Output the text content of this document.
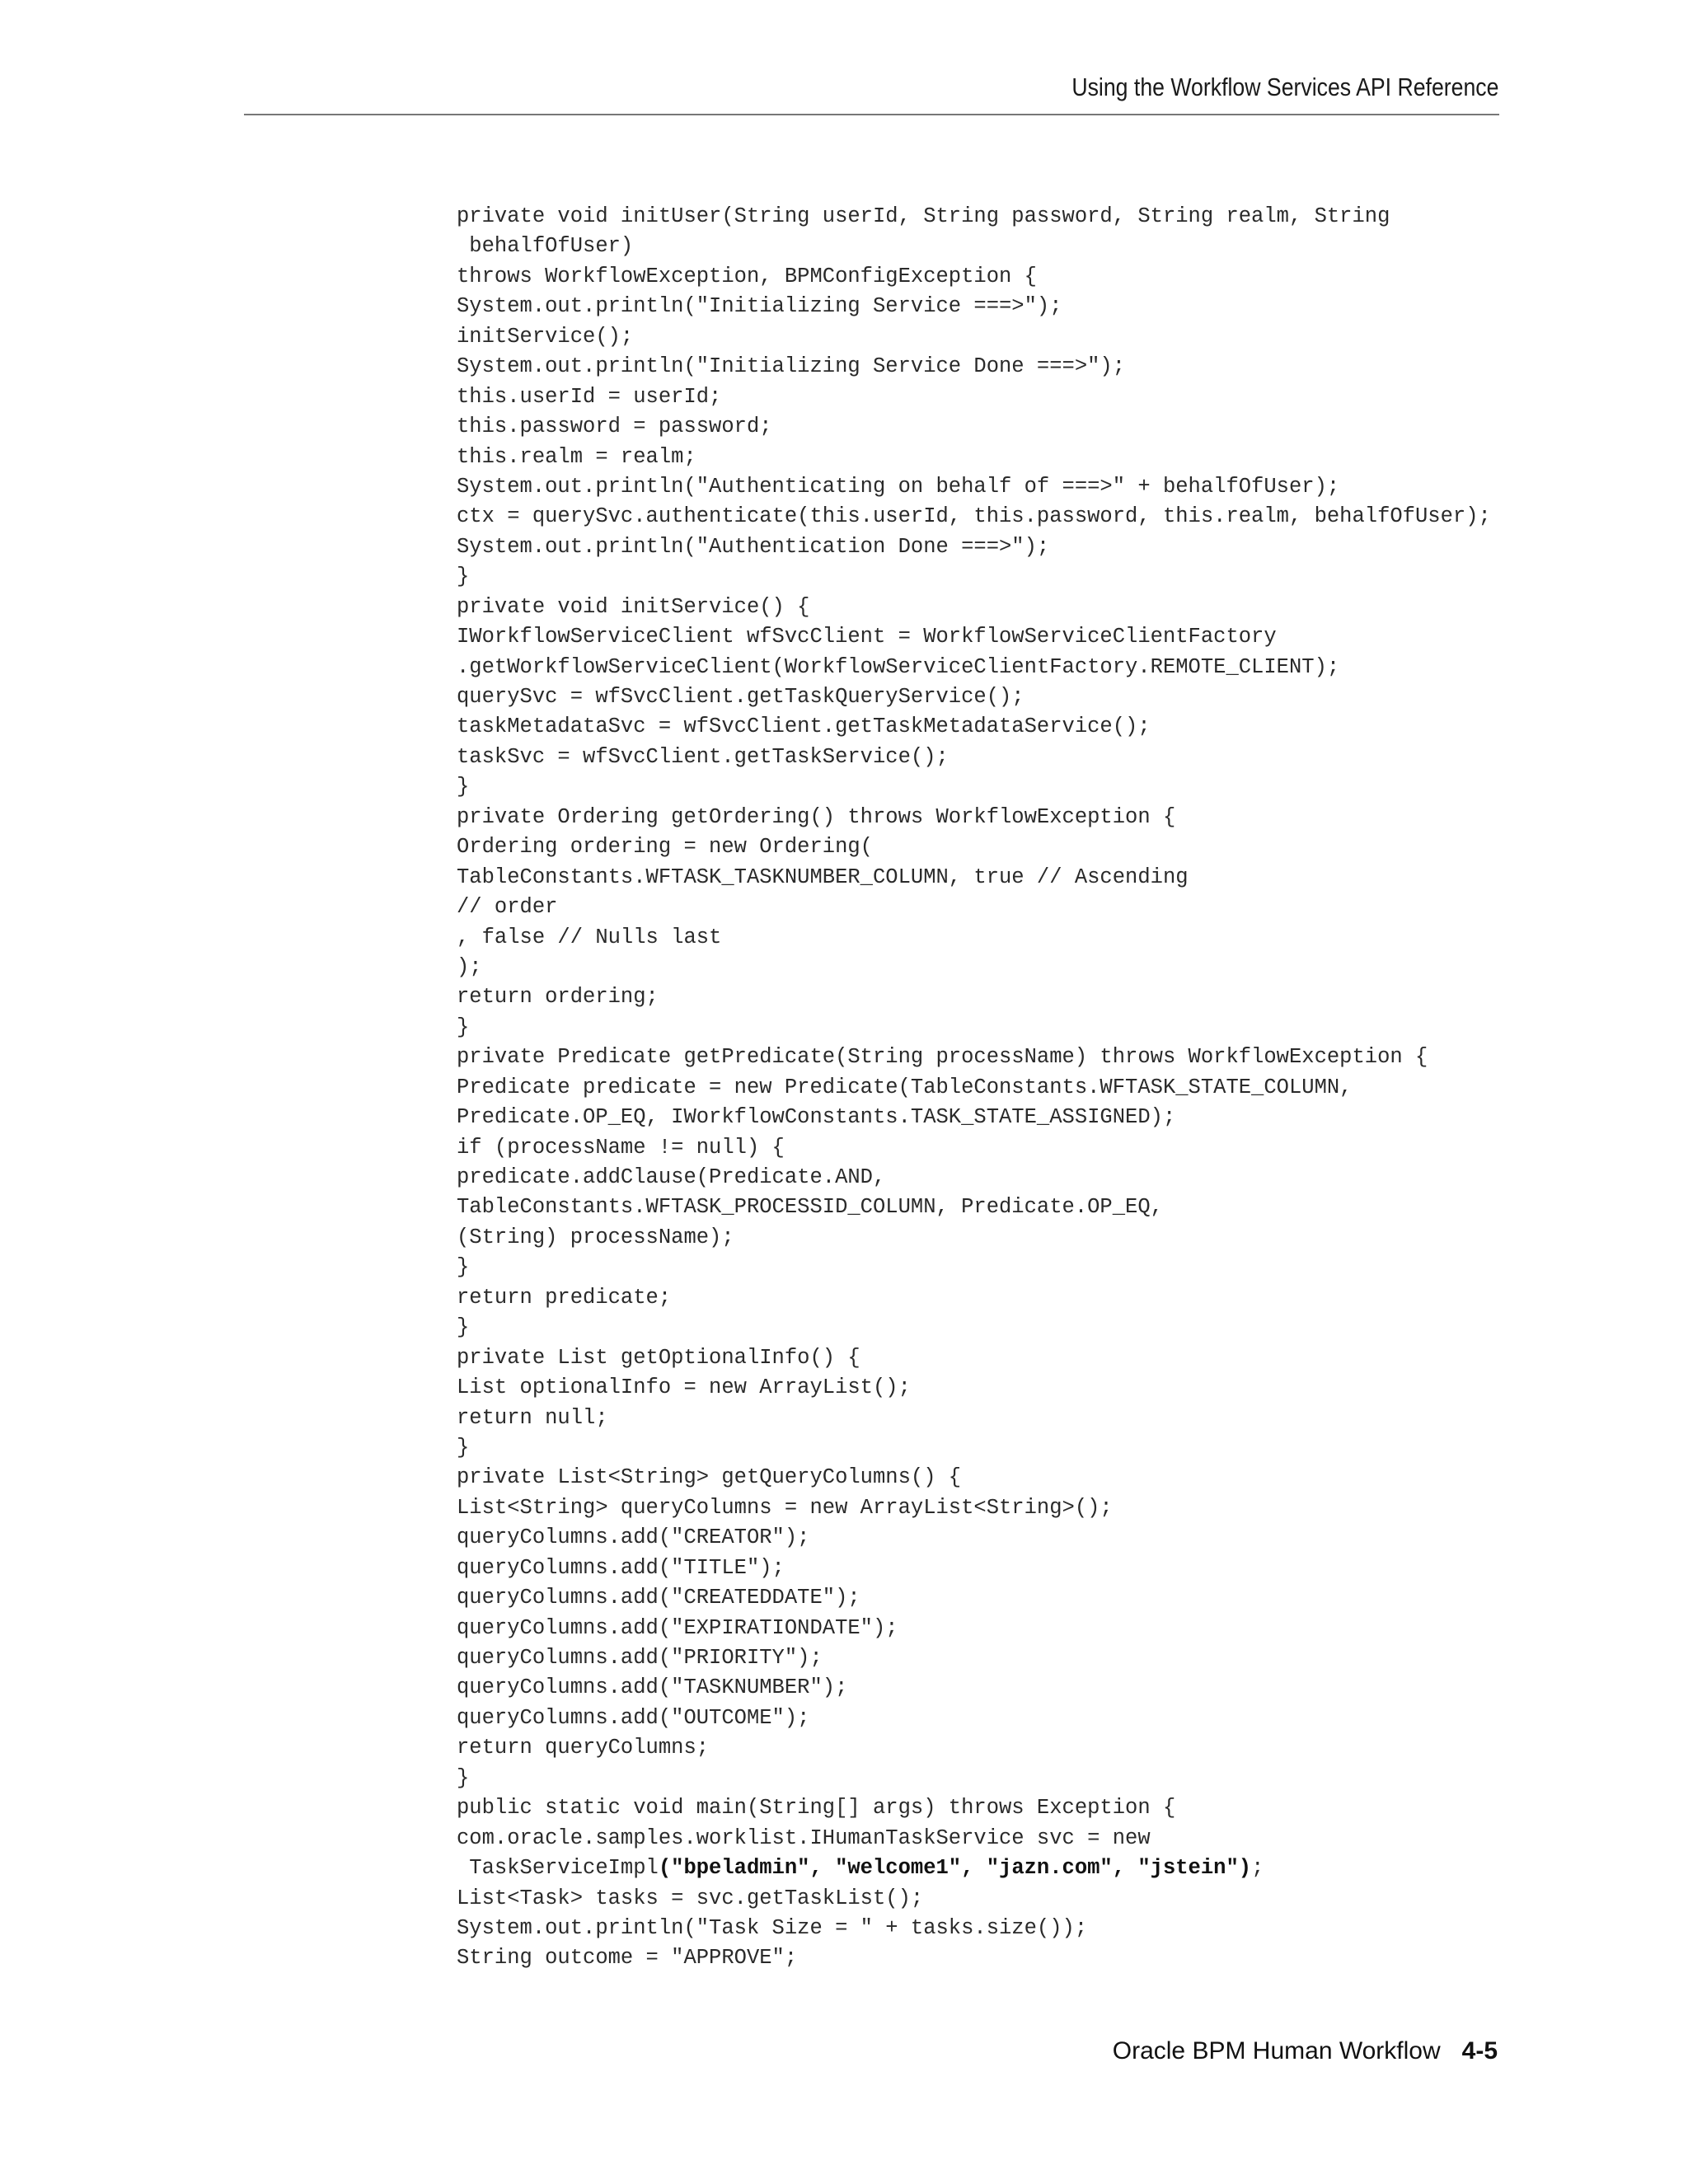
Using the Workflow Services API Reference
private void initUser(String userId, String password, String realm, String
behalfOfUser)
throws WorkflowException, BPMConfigException {
System.out.println("Initializing Service ===>");
initService();
System.out.println("Initializing Service Done ===>");
this.userId = userId;
this.password = password;
this.realm = realm;
System.out.println("Authenticating on behalf of ===>" + behalfOfUser);
ctx = querySvc.authenticate(this.userId, this.password, this.realm, behalfOfUser);
System.out.println("Authentication Done ===>");
}
private void initService() {
IWorkflowServiceClient wfSvcClient = WorkflowServiceClientFactory
.getWorkflowServiceClient(WorkflowServiceClientFactory.REMOTE_CLIENT);
querySvc = wfSvcClient.getTaskQueryService();
taskMetadataSvc = wfSvcClient.getTaskMetadataService();
taskSvc = wfSvcClient.getTaskService();
}
private Ordering getOrdering() throws WorkflowException {
Ordering ordering = new Ordering(
TableConstants.WFTASK_TASKNUMBER_COLUMN, true // Ascending
// order
, false // Nulls last
);
return ordering;
}
private Predicate getPredicate(String processName) throws WorkflowException {
Predicate predicate = new Predicate(TableConstants.WFTASK_STATE_COLUMN,
Predicate.OP_EQ, IWorkflowConstants.TASK_STATE_ASSIGNED);
if (processName != null) {
predicate.addClause(Predicate.AND,
TableConstants.WFTASK_PROCESSID_COLUMN, Predicate.OP_EQ,
(String) processName);
}
return predicate;
}
private List getOptionalInfo() {
List optionalInfo = new ArrayList();
return null;
}
private List<String> getQueryColumns() {
List<String> queryColumns = new ArrayList<String>();
queryColumns.add("CREATOR");
queryColumns.add("TITLE");
queryColumns.add("CREATEDDATE");
queryColumns.add("EXPIRATIONDATE");
queryColumns.add("PRIORITY");
queryColumns.add("TASKNUMBER");
queryColumns.add("OUTCOME");
return queryColumns;
}
public static void main(String[] args) throws Exception {
com.oracle.samples.worklist.IHumanTaskService svc = new
TaskServiceImpl("bpeladmin", "welcome1", "jazn.com", "jstein");
List<Task> tasks = svc.getTaskList();
System.out.println("Task Size = " + tasks.size());
String outcome = "APPROVE";
Oracle BPM Human Workflow 4-5
